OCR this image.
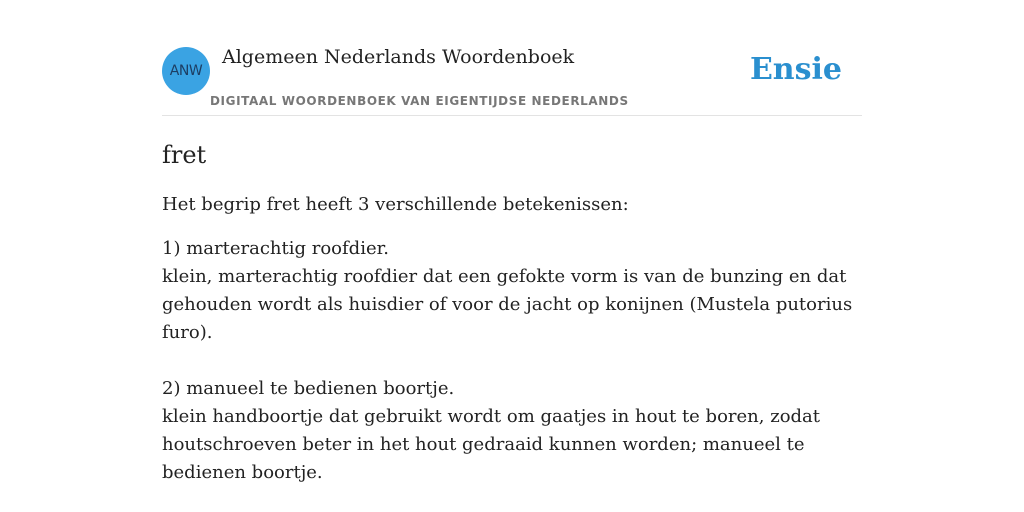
ANW
Algemeen Nederlands Woordenboek
DIGITAAL WOORDENBOEK VAN EIGENTIJDSE NEDERLANDS
Ensie
fret
Het begrip fret heeft 3 verschillende betekenissen:

1) marterachtig roofdier.

klein, marterachtig roofdier dat een gefokte vorm is van de bunzing en dat gehouden wordt als huisdier of voor de jacht op konijnen (Mustela putorius furo).

2) manueel te bedienen boortje.

klein handboortje dat gebruikt wordt om gaatjes in hout te boren, zodat houtschroeven beter in het hout gedraaid kunnen worden; manueel te bedienen boortje.
